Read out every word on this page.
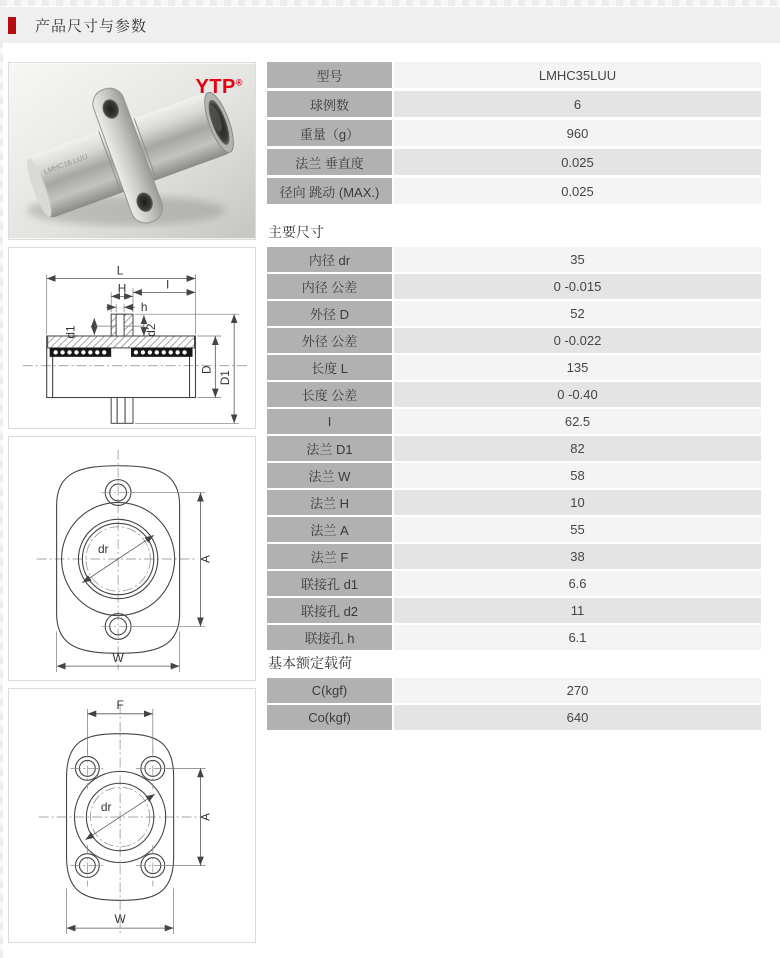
产品尺寸与参数
LMHC16 LUU
YTP®
L
H	I
h
d1	d2
D
D1
dr
A
W
F
dr
A
W
型号	LMHC35LUU
球例数	6
重量（g）	960
法兰 垂直度	0.025
径向 跳动 (MAX.)	0.025
主要尺寸
内径 dr	35
内径 公差	0 -0.015
外径 D	52
外径 公差	0 -0.022
长度 L	135
长度 公差	0 -0.40
I	62.5
法兰 D1	82
法兰 W	58
法兰 H	10
法兰 A	55
法兰 F	38
联接孔 d1	6.6
联接孔 d2	11
联接孔 h	6.1
基本额定载荷
C(kgf)	270
Co(kgf)	640
